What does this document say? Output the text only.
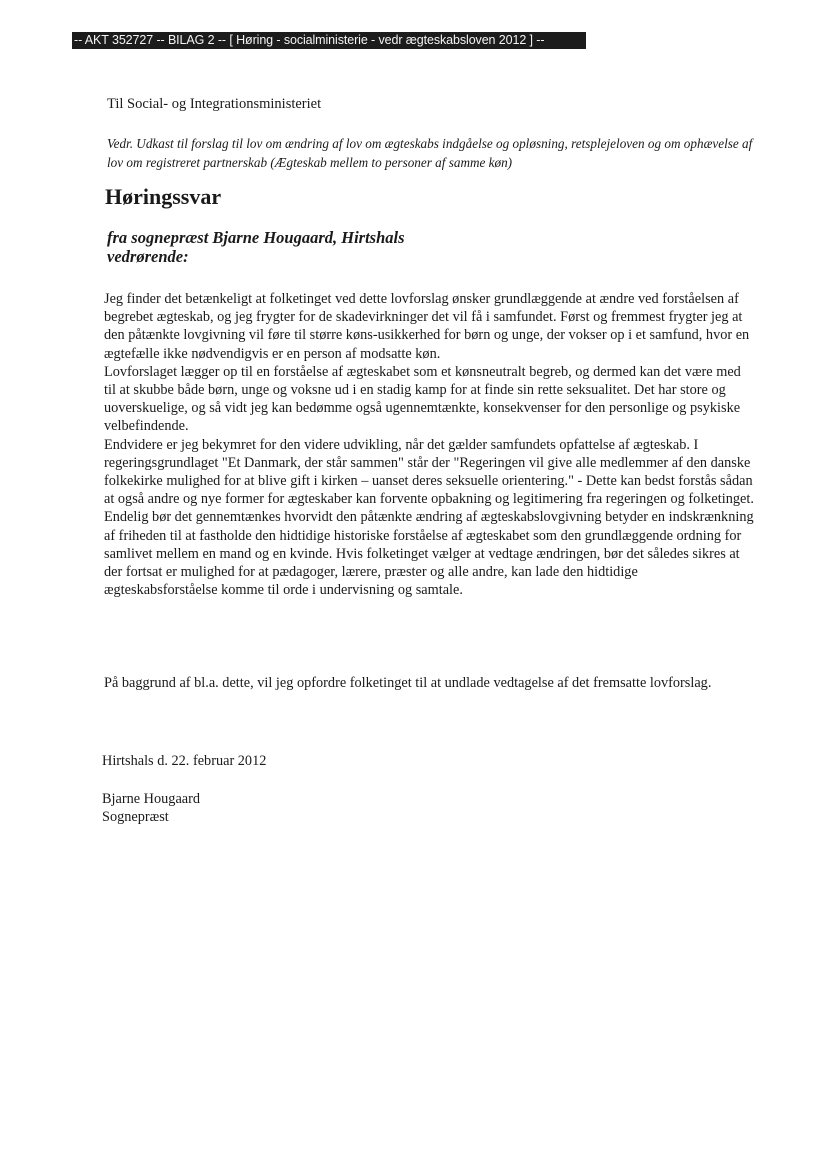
-- AKT 352727 -- BILAG 2 -- [ Høring - socialministerie - vedr ægteskabsloven 2012 ] --
Til Social- og Integrationsministeriet
Vedr. Udkast til forslag til lov om ændring af lov om ægteskabs indgåelse og opløsning, retsplejeloven og om ophævelse af lov om registreret partnerskab (Ægteskab mellem to personer af samme køn)
Høringssvar
fra sognepræst Bjarne Hougaard, Hirtshals
vedrørende:

Jeg finder det betænkeligt at folketinget ved dette lovforslag ønsker grundlæggende at ændre ved forståelsen af begrebet ægteskab, og jeg frygter for de skadevirkninger det vil få i samfundet. Først og fremmest frygter jeg at den påtænkte lovgivning vil føre til større køns-usikkerhed for børn og unge, der vokser op i et samfund, hvor en ægtefælle ikke nødvendigvis er en person af modsatte køn.

Lovforslaget lægger op til en forståelse af ægteskabet som et kønsneutralt begreb, og dermed kan det være med til at skubbe både børn, unge og voksne ud i en stadig kamp for at finde sin rette seksualitet. Det har store og uoverskuelige, og så vidt jeg kan bedømme også ugennemtænkte, konsekvenser for den personlige og psykiske velbefindende.

Endvidere er jeg bekymret for den videre udvikling, når det gælder samfundets opfattelse af ægteskab. I regeringsgrundlaget "Et Danmark, der står sammen" står der "Regeringen vil give alle medlemmer af den danske folkekirke mulighed for at blive gift i kirken – uanset deres seksuelle orientering." - Dette kan bedst forstås sådan at også andre og nye former for ægteskaber kan forvente opbakning og legitimering fra regeringen og folketinget.

Endelig bør det gennemtænkes hvorvidt den påtænkte ændring af ægteskabslovgivning betyder en indskrænkning af friheden til at fastholde den hidtidige historiske forståelse af ægteskabet som den grundlæggende ordning for samlivet mellem en mand og en kvinde. Hvis folketinget vælger at vedtage ændringen, bør det således sikres at der fortsat er mulighed for at pædagoger, lærere, præster og alle andre, kan lade den hidtidige ægteskabsforståelse komme til orde i undervisning og samtale.

På baggrund af bl.a. dette, vil jeg opfordre folketinget til at undlade vedtagelse af det fremsatte lovforslag.
Hirtshals d. 22. februar 2012
Bjarne Hougaard
Sognepræst
